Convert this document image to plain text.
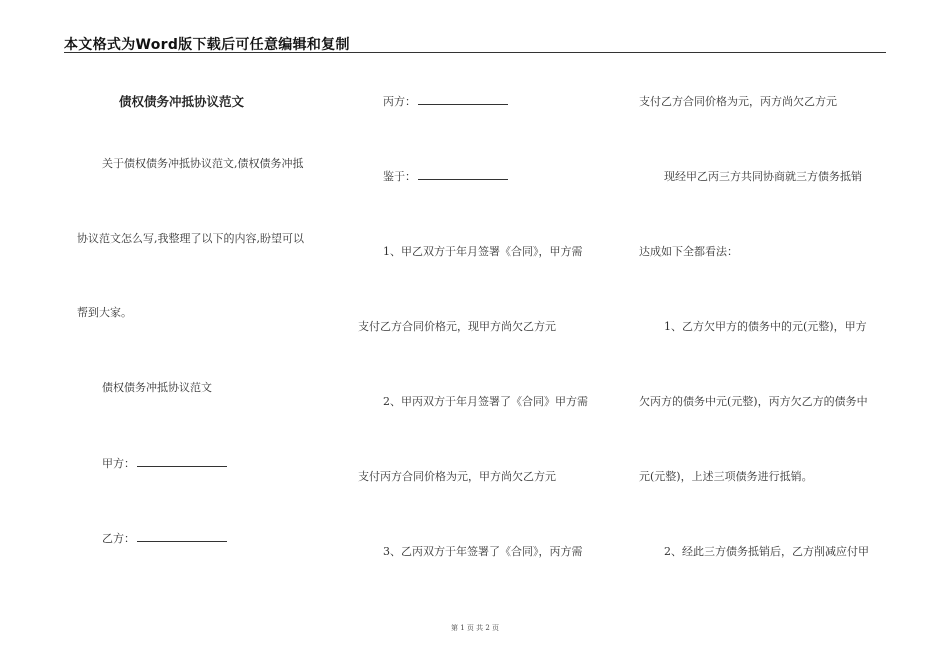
本文格式为Word版下载后可任意编辑和复制
债权债务冲抵协议范文
关于债权债务冲抵协议范文,债权债务冲抵
协议范文怎么写,我整理了以下的内容,盼望可以
帮到大家。
债权债务冲抵协议范文
甲方：
乙方：
丙方：
鉴于：
1、甲乙双方于年月签署《合同》，甲方需
支付乙方合同价格元，现甲方尚欠乙方元
2、甲丙双方于年月签署了《合同》甲方需
支付丙方合同价格为元，甲方尚欠乙方元
3、乙丙双方于年签署了《合同》，丙方需
支付乙方合同价格为元，丙方尚欠乙方元
现经甲乙丙三方共同协商就三方债务抵销
达成如下全都看法：
1、乙方欠甲方的债务中的元(元整)，甲方
欠丙方的债务中元(元整)，丙方欠乙方的债务中
元(元整)，上述三项债务进行抵销。
2、经此三方债务抵销后，乙方削减应付甲
第 1 页 共 2 页
